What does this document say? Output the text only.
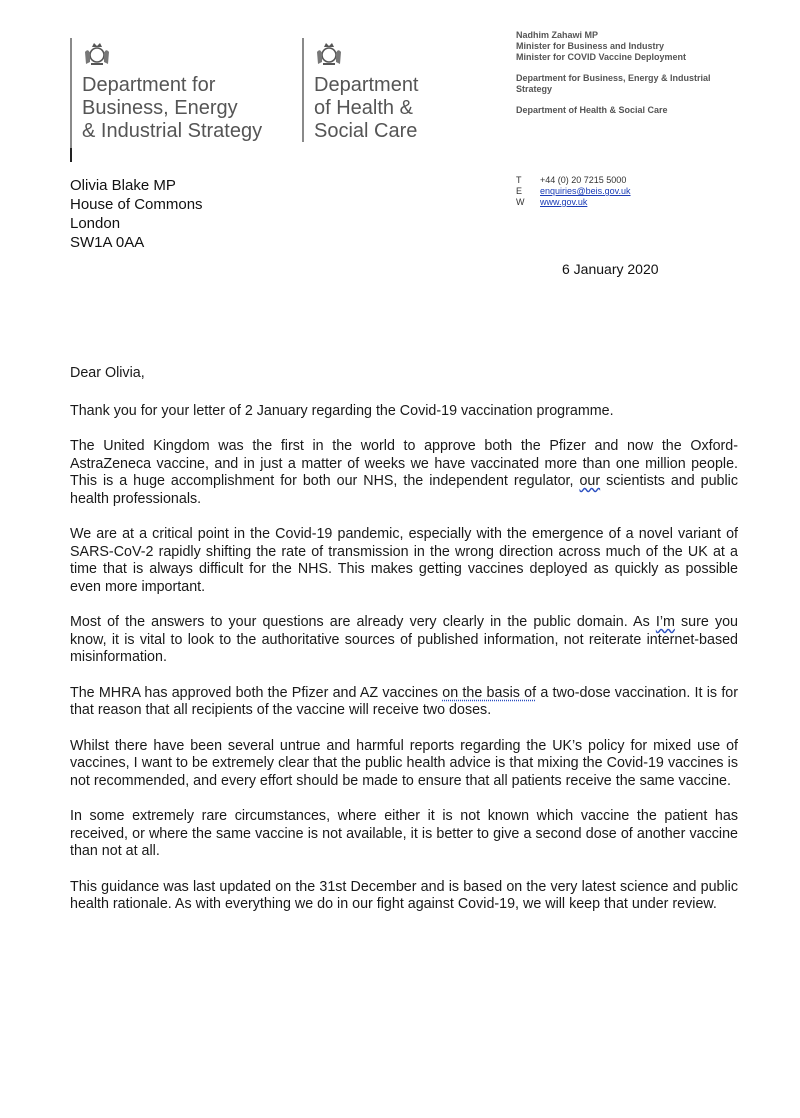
Department for
Business, Energy
& Industrial Strategy
Department
of Health &
Social Care
Nadhim Zahawi MP
Minister for Business and Industry
Minister for COVID Vaccine Deployment
Department for Business, Energy & Industrial
Strategy
Department of Health & Social Care
T	+44 (0) 20 7215 5000
E	enquiries@beis.gov.uk
W	www.gov.uk
Olivia Blake MP
House of Commons
London
SW1A 0AA
6 January 2020

Dear Olivia,

Thank you for your letter of 2 January regarding the Covid-19 vaccination programme.

The United Kingdom was the first in the world to approve both the Pfizer and now the Oxford-AstraZeneca vaccine, and in just a matter of weeks we have vaccinated more than one million people. This is a huge accomplishment for both our NHS, the independent regulator, our scientists and public health professionals.

We are at a critical point in the Covid-19 pandemic, especially with the emergence of a novel variant of SARS-CoV-2 rapidly shifting the rate of transmission in the wrong direction across much of the UK at a time that is always difficult for the NHS. This makes getting vaccines deployed as quickly as possible even more important.

Most of the answers to your questions are already very clearly in the public domain. As I’m sure you know, it is vital to look to the authoritative sources of published information, not reiterate internet-based misinformation.

The MHRA has approved both the Pfizer and AZ vaccines on the basis of a two-dose vaccination. It is for that reason that all recipients of the vaccine will receive two doses.

Whilst there have been several untrue and harmful reports regarding the UK’s policy for mixed use of vaccines, I want to be extremely clear that the public health advice is that mixing the Covid-19 vaccines is not recommended, and every effort should be made to ensure that all patients receive the same vaccine.

In some extremely rare circumstances, where either it is not known which vaccine the patient has received, or where the same vaccine is not available, it is better to give a second dose of another vaccine than not at all.

This guidance was last updated on the 31st December and is based on the very latest science and public health rationale. As with everything we do in our fight against Covid-19, we will keep that under review.
